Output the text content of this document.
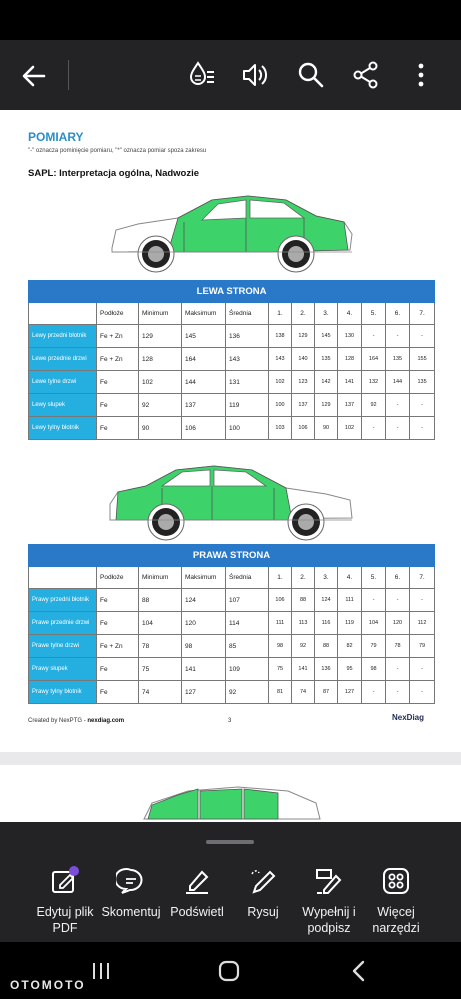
POMIARY
"-" oznacza pominięcie pomiaru, "*" oznacza pomiar spoza zakresu
SAPL: Interpretacja ogólna, Nadwozie
LEWA STRONA											
	Podłoże	Minimum	Maksimum	Średnia	1.	2.	3.	4.	5.	6.	7.
Lewy przedni błotnik	Fe + Zn	129	145	136	138	129	145	130	-	-	-
Lewe przednie drzwi	Fe + Zn	128	164	143	143	140	135	128	164	135	155
Lewe tylne drzwi	Fe	102	144	131	102	123	142	141	132	144	135
Lewy słupek	Fe	92	137	119	100	137	129	137	92	-	-
Lewy tylny błotnik	Fe	90	106	100	103	106	90	102	-	-	-
PRAWA STRONA											
	Podłoże	Minimum	Maksimum	Średnia	1.	2.	3.	4.	5.	6.	7.
Prawy przedni błotnik	Fe	88	124	107	106	88	124	111	-	-	-
Prawe przednie drzwi	Fe	104	120	114	111	113	116	119	104	120	112
Prawe tylne drzwi	Fe + Zn	78	98	85	98	92	88	82	79	78	79
Prawy słupek	Fe	75	141	109	75	141	136	95	98	-	-
Prawy tylny błotnik	Fe	74	127	92	81	74	87	127	-	-	-
Created by NexPTG - nexdiag.com	3	NexDiag
Edytuj plik
PDF
Skomentuj Podświetl	Rysuj	Wypełnij i
podpisz
Więcej
narzędzi
OTOMOTO
